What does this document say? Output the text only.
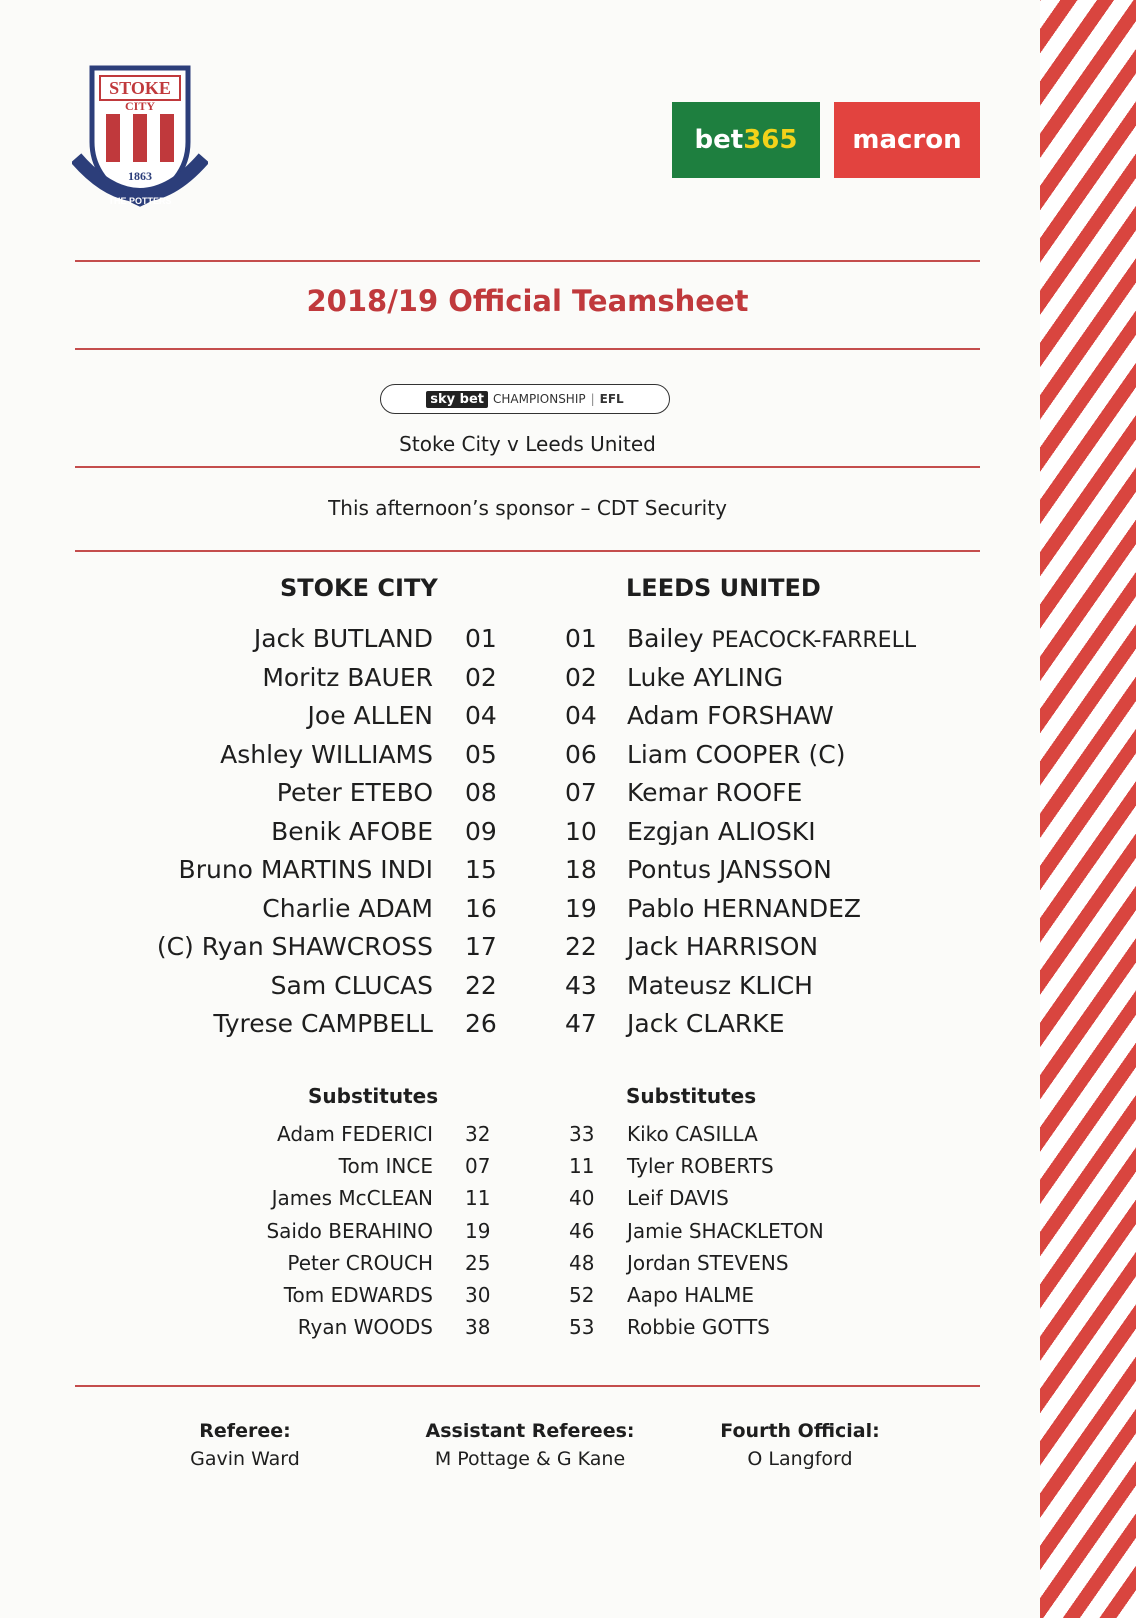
STOKE
CITY
1863
THE POTTERS
bet 365 macron
2018/19 Official Teamsheet
sky bet CHAMPIONSHIP | EFL
Stoke City v Leeds United
This afternoon’s sponsor – CDT Security
STOKE CITY	LEEDS UNITED
Jack BUTLAND 01	01 Bailey PEACOCK-FARRELL
Moritz BAUER 02	02 Luke AYLING
Joe ALLEN 04	04 Adam FORSHAW
Ashley WILLIAMS 05	06 Liam COOPER (C)
Peter ETEBO 08	07 Kemar ROOFE
Benik AFOBE 09	10 Ezgjan ALIOSKI
Bruno MARTINS INDI 15	18 Pontus JANSSON
Charlie ADAM 16	19 Pablo HERNANDEZ
(C) Ryan SHAWCROSS 17	22 Jack HARRISON
Sam CLUCAS 22	43 Mateusz KLICH
Tyrese CAMPBELL 26	47 Jack CLARKE
Substitutes	Substitutes
Adam FEDERICI 32	33 Kiko CASILLA
Tom INCE 07	11 Tyler ROBERTS
James McCLEAN 11	40 Leif DAVIS
Saido BERAHINO 19	46 Jamie SHACKLETON
Peter CROUCH 25	48 Jordan STEVENS
Tom EDWARDS 30	52 Aapo HALME
Ryan WOODS 38	53 Robbie GOTTS
Referee:
Gavin Ward
Assistant Referees:
M Pottage & G Kane
Fourth Official:
O Langford
